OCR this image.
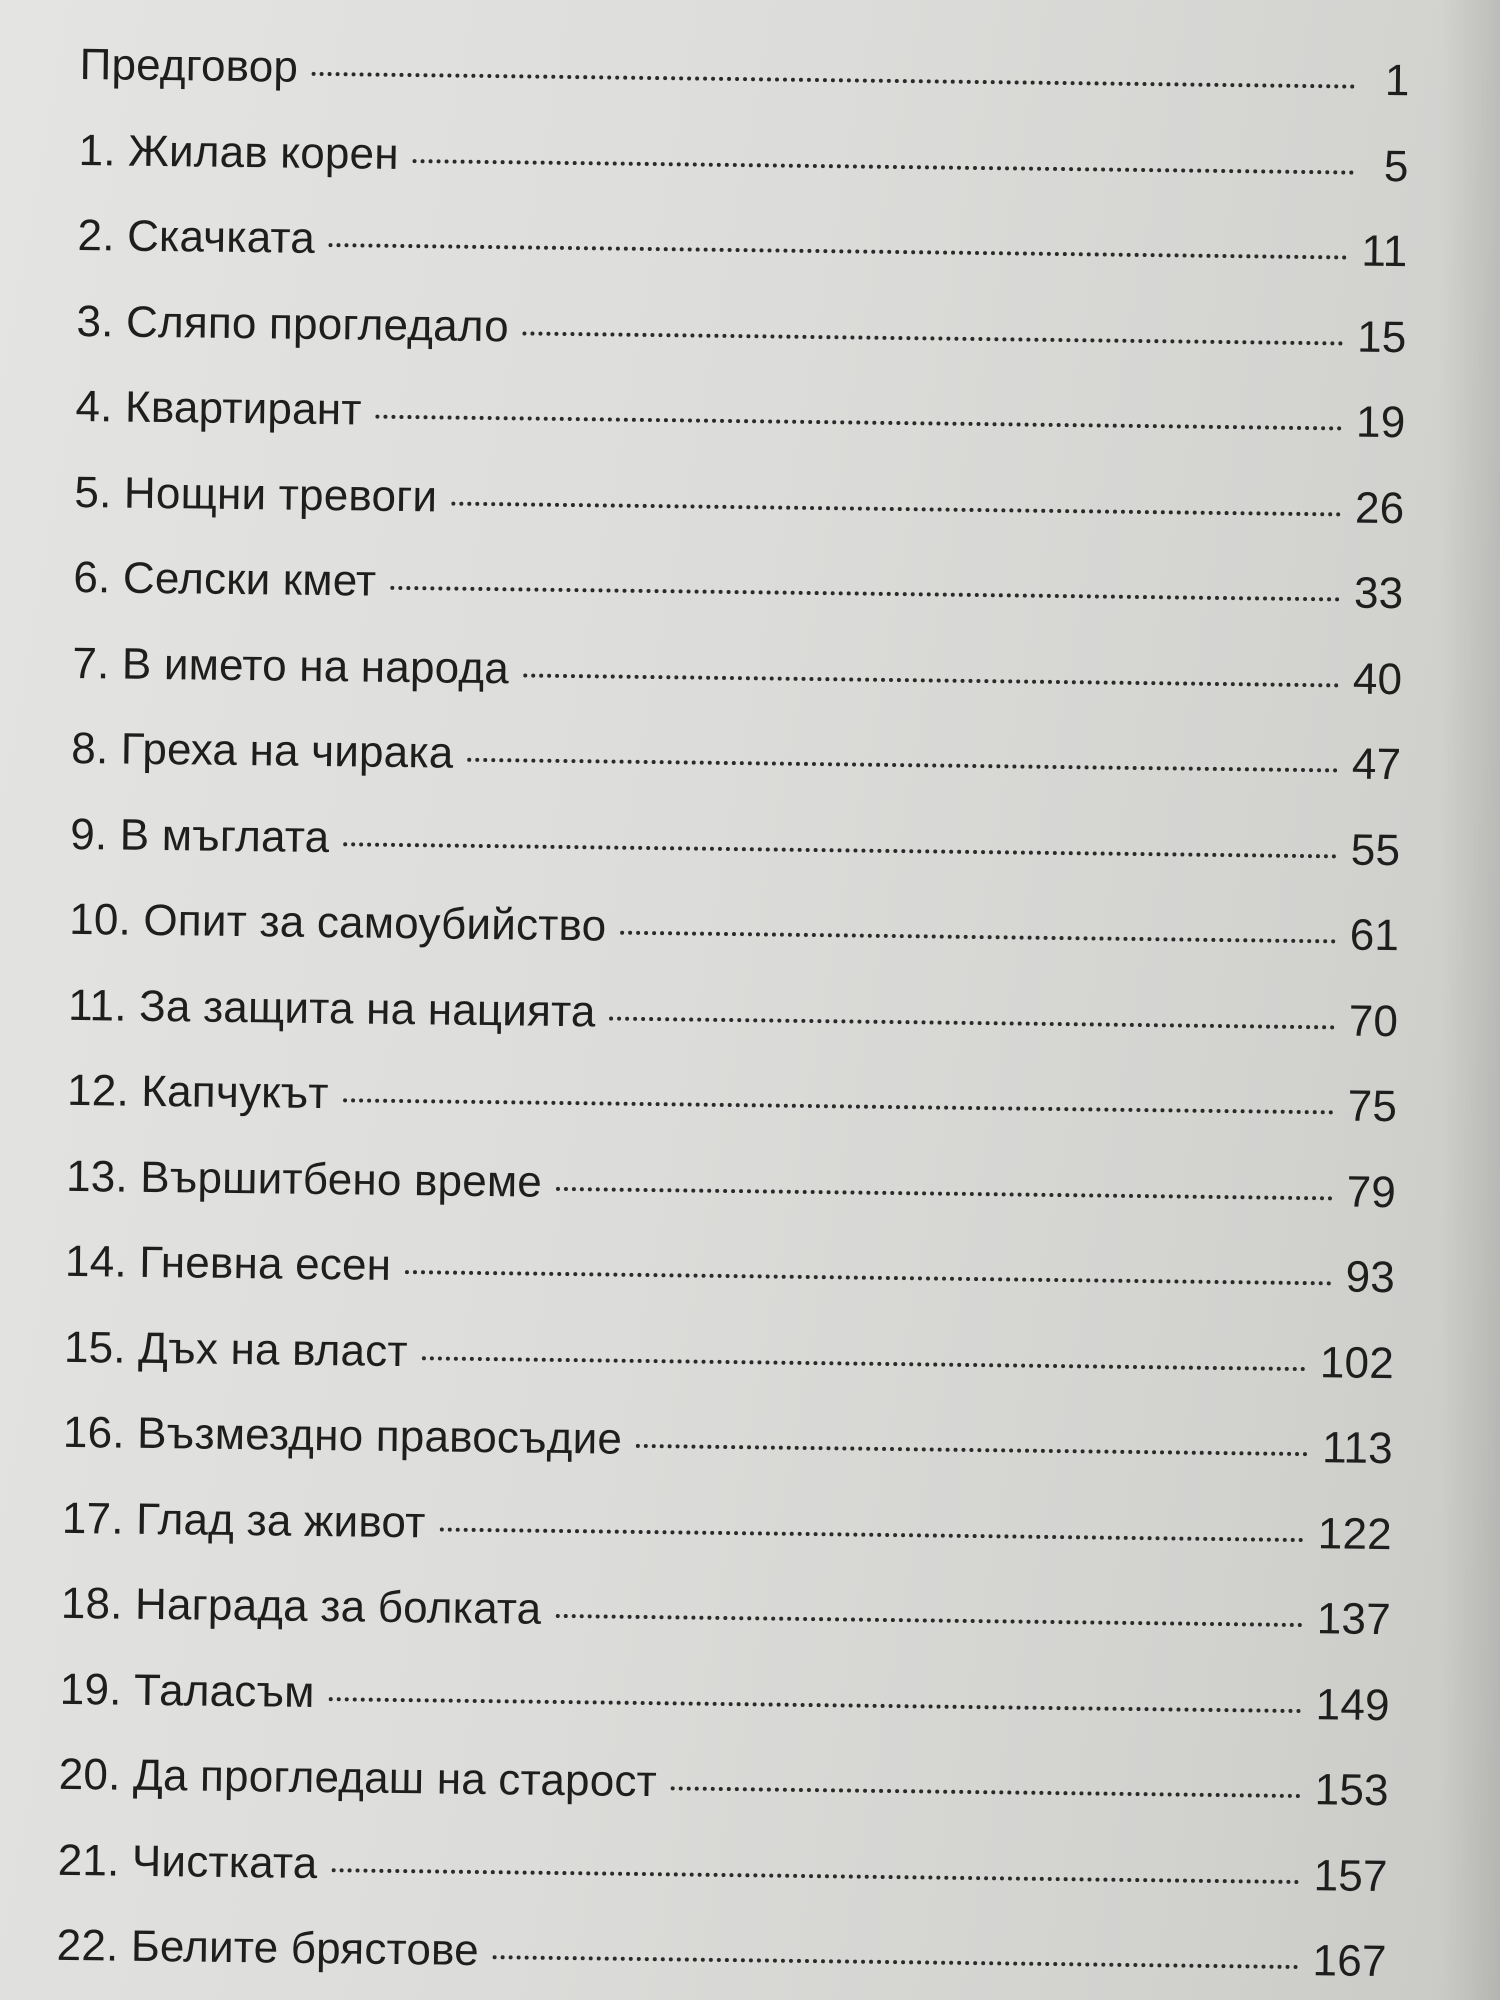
Предговор	1
1. Жилав корен	5
2. Скачката	11
3. Сляпо прогледало	15
4. Квартирант	19
5. Нощни тревоги	26
6. Селски кмет	33
7. В името на народа	40
8. Греха на чирака	47
9. В мъглата	55
10. Опит за самоубийство	61
11. За защита на нацията	70
12. Капчукът	75
13. Вършитбено време	79
14. Гневна есен	93
15. Дъх на власт	102
16. Възмездно правосъдие	113
17. Глад за живот	122
18. Награда за болката	137
19. Таласъм	149
20. Да прогледаш на старост	153
21. Чистката	157
22. Белите брястове	167
